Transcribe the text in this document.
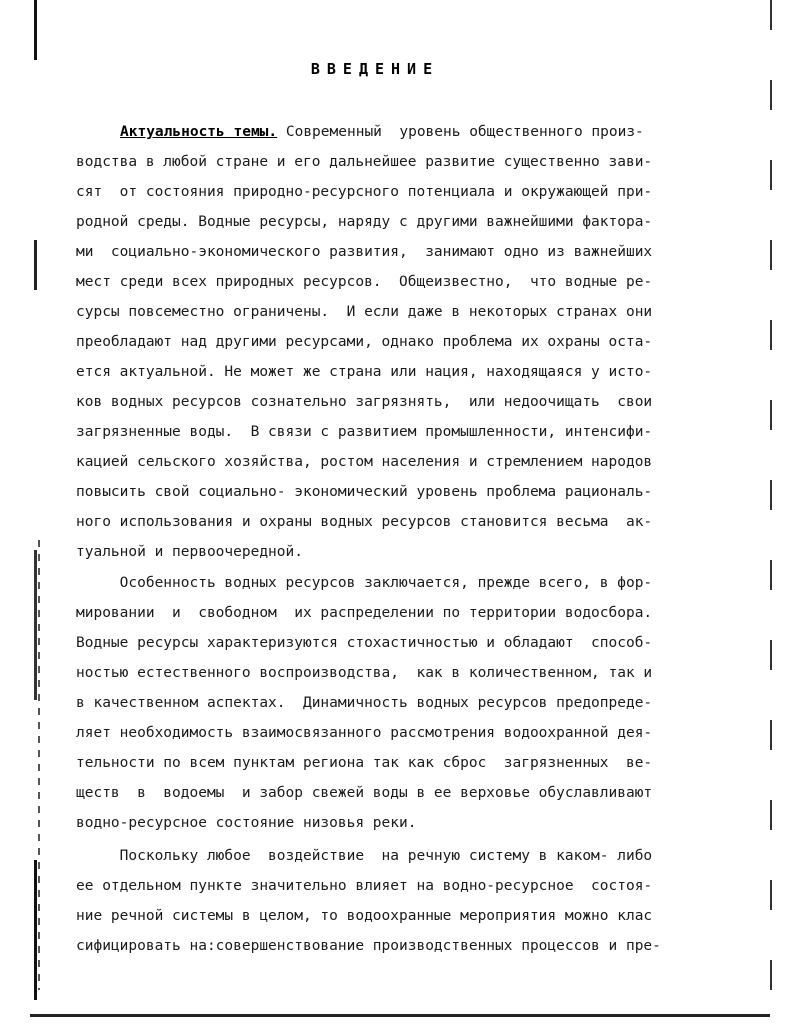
ВВЕДЕНИЕ
Актуальность темы. Современный  уровень общественного произ-
водства в любой стране и его дальнейшее развитие существенно зави-
сят  от состояния природно-ресурсного потенциала и окружающей при-
родной среды. Водные ресурсы, наряду с другими важнейшими фактора-
ми  социально-экономического развития,  занимают одно из важнейших
мест среди всех природных ресурсов.  Общеизвестно,  что водные ре-
сурсы повсеместно ограничены.  И если даже в некоторых странах они
преобладают над другими ресурсами, однако проблема их охраны оста-
ется актуальной. Не может же страна или нация, находящаяся у исто-
ков водных ресурсов сознательно загрязнять,  или недоочищать  свои
загрязненные воды.  В связи с развитием промышленности, интенсифи-
кацией сельского хозяйства, ростом населения и стремлением народов
повысить свой социально- экономический уровень проблема рациональ-
ного использования и охраны водных ресурсов становится весьма  ак-
туальной и первоочередной.
Особенность водных ресурсов заключается, прежде всего, в фор-
мировании  и  свободном  их распределении по территории водосбора.
Водные ресурсы характеризуются стохастичностью и обладают  способ-
ностью естественного воспроизводства,  как в количественном, так и
в качественном аспектах.  Динамичность водных ресурсов предопреде-
ляет необходимость взаимосвязанного рассмотрения водоохранной дея-
тельности по всем пунктам региона так как сброс  загрязненных  ве-
ществ  в  водоемы  и забор свежей воды в ее верховье обуславливают
водно-ресурсное состояние низовья реки.
Поскольку любое  воздействие  на речную систему в каком- либо
ее отдельном пункте значительно влияет на водно-ресурсное  состоя-
ние речной системы в целом, то водоохранные мероприятия можно клас
сифицировать на:совершенствование производственных процессов и пре-
